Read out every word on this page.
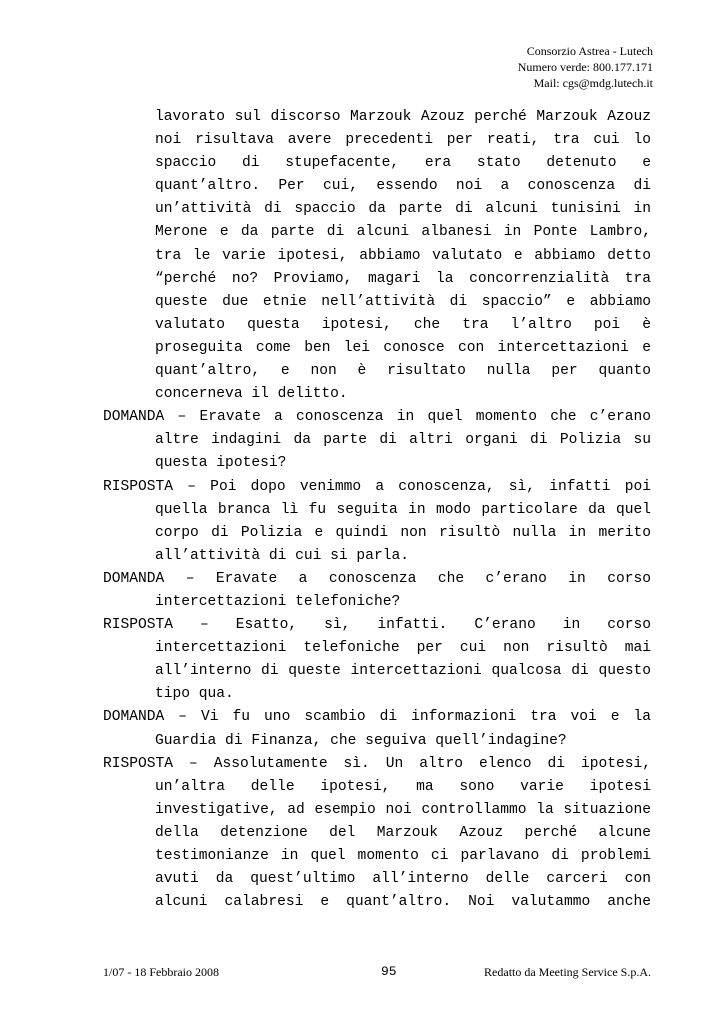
Consorzio Astrea - Lutech
Numero verde: 800.177.171
Mail: cgs@mdg.lutech.it
lavorato sul discorso Marzouk Azouz perché Marzouk Azouz
noi risultava avere precedenti per reati, tra cui lo
spaccio di stupefacente, era stato detenuto e
quant’altro. Per cui, essendo noi a conoscenza di
un’attività di spaccio da parte di alcuni tunisini in
Merone e da parte di alcuni albanesi in Ponte Lambro,
tra le varie ipotesi, abbiamo valutato e abbiamo detto
“perché no? Proviamo, magari la concorrenzialità tra
queste due etnie nell’attività di spaccio” e abbiamo
valutato questa ipotesi, che tra l’altro poi è
proseguita come ben lei conosce con intercettazioni e
quant’altro, e non è risultato nulla per quanto
concerneva il delitto.
DOMANDA – Eravate a conoscenza in quel momento che c’erano
altre indagini da parte di altri organi di Polizia su
questa ipotesi?
RISPOSTA – Poi dopo venimmo a conoscenza, sì, infatti poi
quella branca lì fu seguita in modo particolare da quel
corpo di Polizia e quindi non risultò nulla in merito
all’attività di cui si parla.
DOMANDA – Eravate a conoscenza che c’erano in corso
intercettazioni telefoniche?
RISPOSTA – Esatto, sì, infatti. C’erano in corso
intercettazioni telefoniche per cui non risultò mai
all’interno di queste intercettazioni qualcosa di questo
tipo qua.
DOMANDA – Vi fu uno scambio di informazioni tra voi e la
Guardia di Finanza, che seguiva quell’indagine?
RISPOSTA – Assolutamente sì. Un altro elenco di ipotesi,
un’altra delle ipotesi, ma sono varie ipotesi
investigative, ad esempio noi controllammo la situazione
della detenzione del Marzouk Azouz perché alcune
testimonianze in quel momento ci parlavano di problemi
avuti da quest’ultimo all’interno delle carceri con
alcuni calabresi e quant’altro. Noi valutammo anche
1/07 - 18 Febbraio 2008	95	Redatto da Meeting Service S.p.A.
